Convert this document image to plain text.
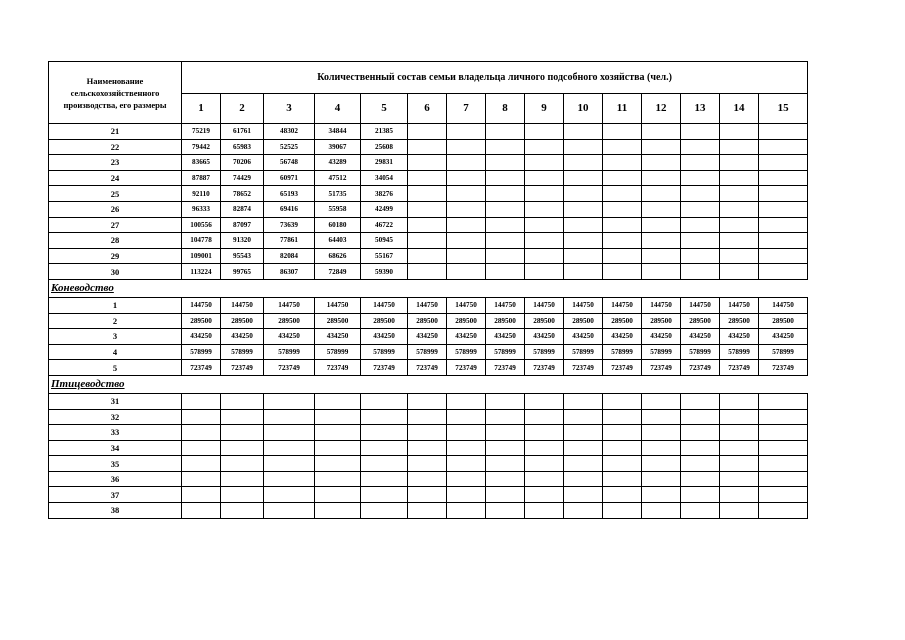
Наименование сельскохозяйственного производства, его размеры	Количественный состав семьи владельца личного подсобного хозяйства (чел.)														
	1	2	3	4	5	6	7	8	9	10	11	12	13	14	15
21	75219	61761	48302	34844	21385										
22	79442	65983	52525	39067	25608										
23	83665	70206	56748	43289	29831										
24	87887	74429	60971	47512	34054										
25	92110	78652	65193	51735	38276										
26	96333	82874	69416	55958	42499										
27	100556	87097	73639	60180	46722										
28	104778	91320	77861	64403	50945										
29	109001	95543	82084	68626	55167										
30	113224	99765	86307	72849	59390										
Коневодство															
1	144750	144750	144750	144750	144750	144750	144750	144750	144750	144750	144750	144750	144750	144750	144750
2	289500	289500	289500	289500	289500	289500	289500	289500	289500	289500	289500	289500	289500	289500	289500
3	434250	434250	434250	434250	434250	434250	434250	434250	434250	434250	434250	434250	434250	434250	434250
4	578999	578999	578999	578999	578999	578999	578999	578999	578999	578999	578999	578999	578999	578999	578999
5	723749	723749	723749	723749	723749	723749	723749	723749	723749	723749	723749	723749	723749	723749	723749
Птицеводство															
31															
32															
33															
34															
35															
36															
37															
38															
